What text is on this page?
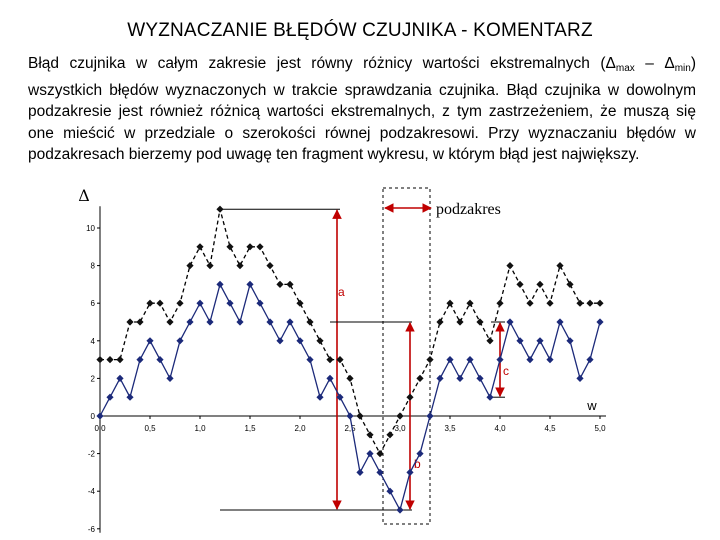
WYZNACZANIE BŁĘDÓW CZUJNIKA - KOMENTARZ
Błąd czujnika w całym zakresie jest równy różnicy wartości ekstremalnych $(\Delta_{max} - \Delta_{min})$ wszystkich błędów wyznaczonych w trakcie sprawdzania czujnika. Błąd czujnika w dowolnym podzakresie jest również różnicą wartości ekstremalnych, z tym zastrzeżeniem, że muszą się one mieścić w przedziale o szerokości równej podzakresowi. Przy wyznaczaniu błędów w podzakresach bierzemy pod uwagę ten fragment wykresu, w którym błąd jest największy.
-6
-4
-2
0
2
4
6
8
10
Δ
0,0	0,5	1,0	1,5	2,0	2,5	3,0	3,5	4,0	4,5	5,0
w
podzakres
a
b
c
